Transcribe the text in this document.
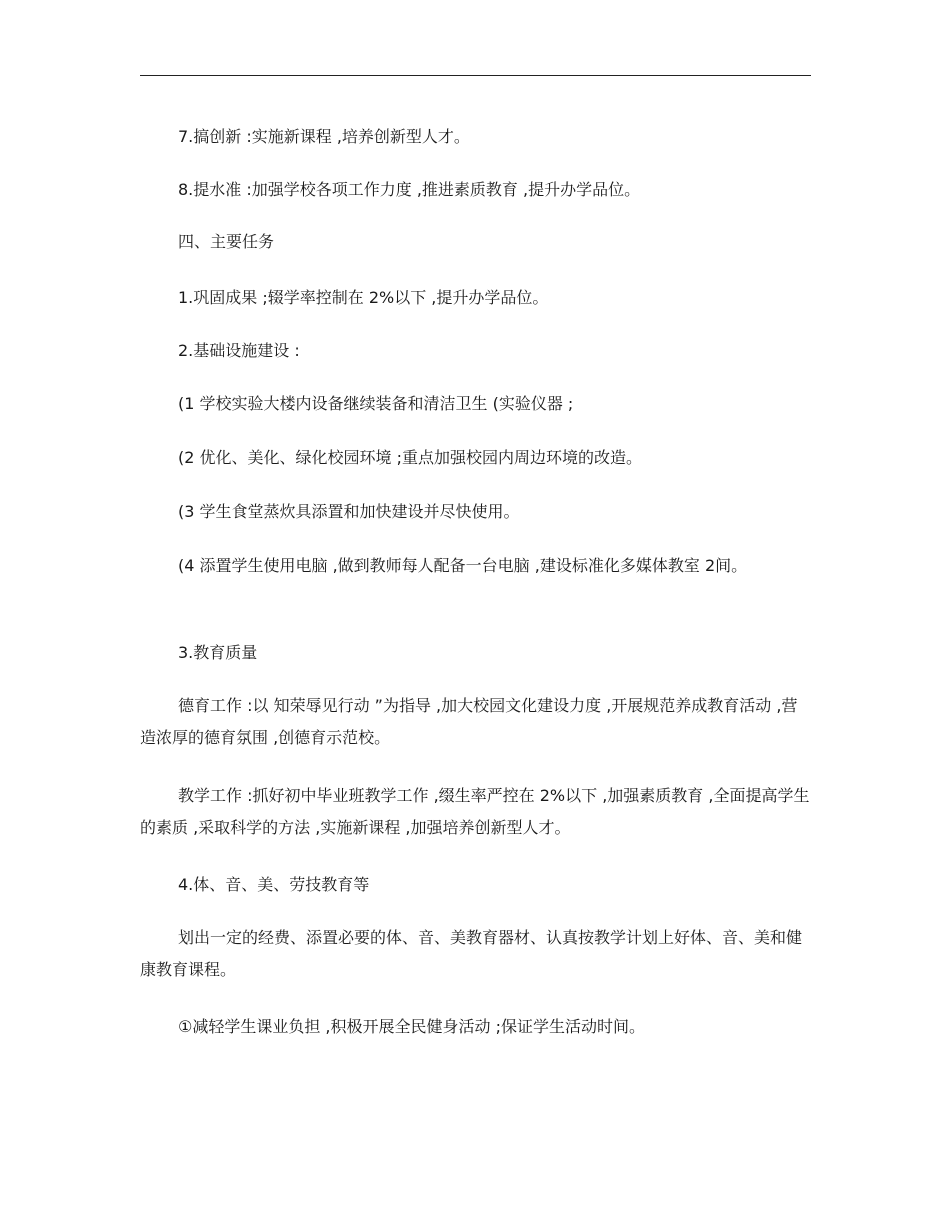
7.搞创新 :实施新课程 ,培养创新型人才。

8.提水准 :加强学校各项工作力度 ,推进素质教育 ,提升办学品位。

四、主要任务

1.巩固成果 ;辍学率控制在 2%以下 ,提升办学品位。

2.基础设施建设 :

(1 学校实验大楼内设备继续装备和清洁卫生 (实验仪器 ;

(2 优化、美化、绿化校园环境 ;重点加强校园内周边环境的改造。

(3 学生食堂蒸炊具添置和加快建设并尽快使用。

(4 添置学生使用电脑 ,做到教师每人配备一台电脑 ,建设标准化多媒体教室 2间。

3.教育质量

德育工作 :以 知荣辱见行动 ”为指导 ,加大校园文化建设力度 ,开展规范养成教育活动 ,营造浓厚的德育氛围 ,创德育示范校。

教学工作 :抓好初中毕业班教学工作 ,缀生率严控在 2%以下 ,加强素质教育 ,全面提高学生的素质 ,采取科学的方法 ,实施新课程 ,加强培养创新型人才。

4.体、音、美、劳技教育等

划出一定的经费、添置必要的体、音、美教育器材、认真按教学计划上好体、音、美和健康教育课程。

①减轻学生课业负担 ,积极开展全民健身活动 ;保证学生活动时间。
